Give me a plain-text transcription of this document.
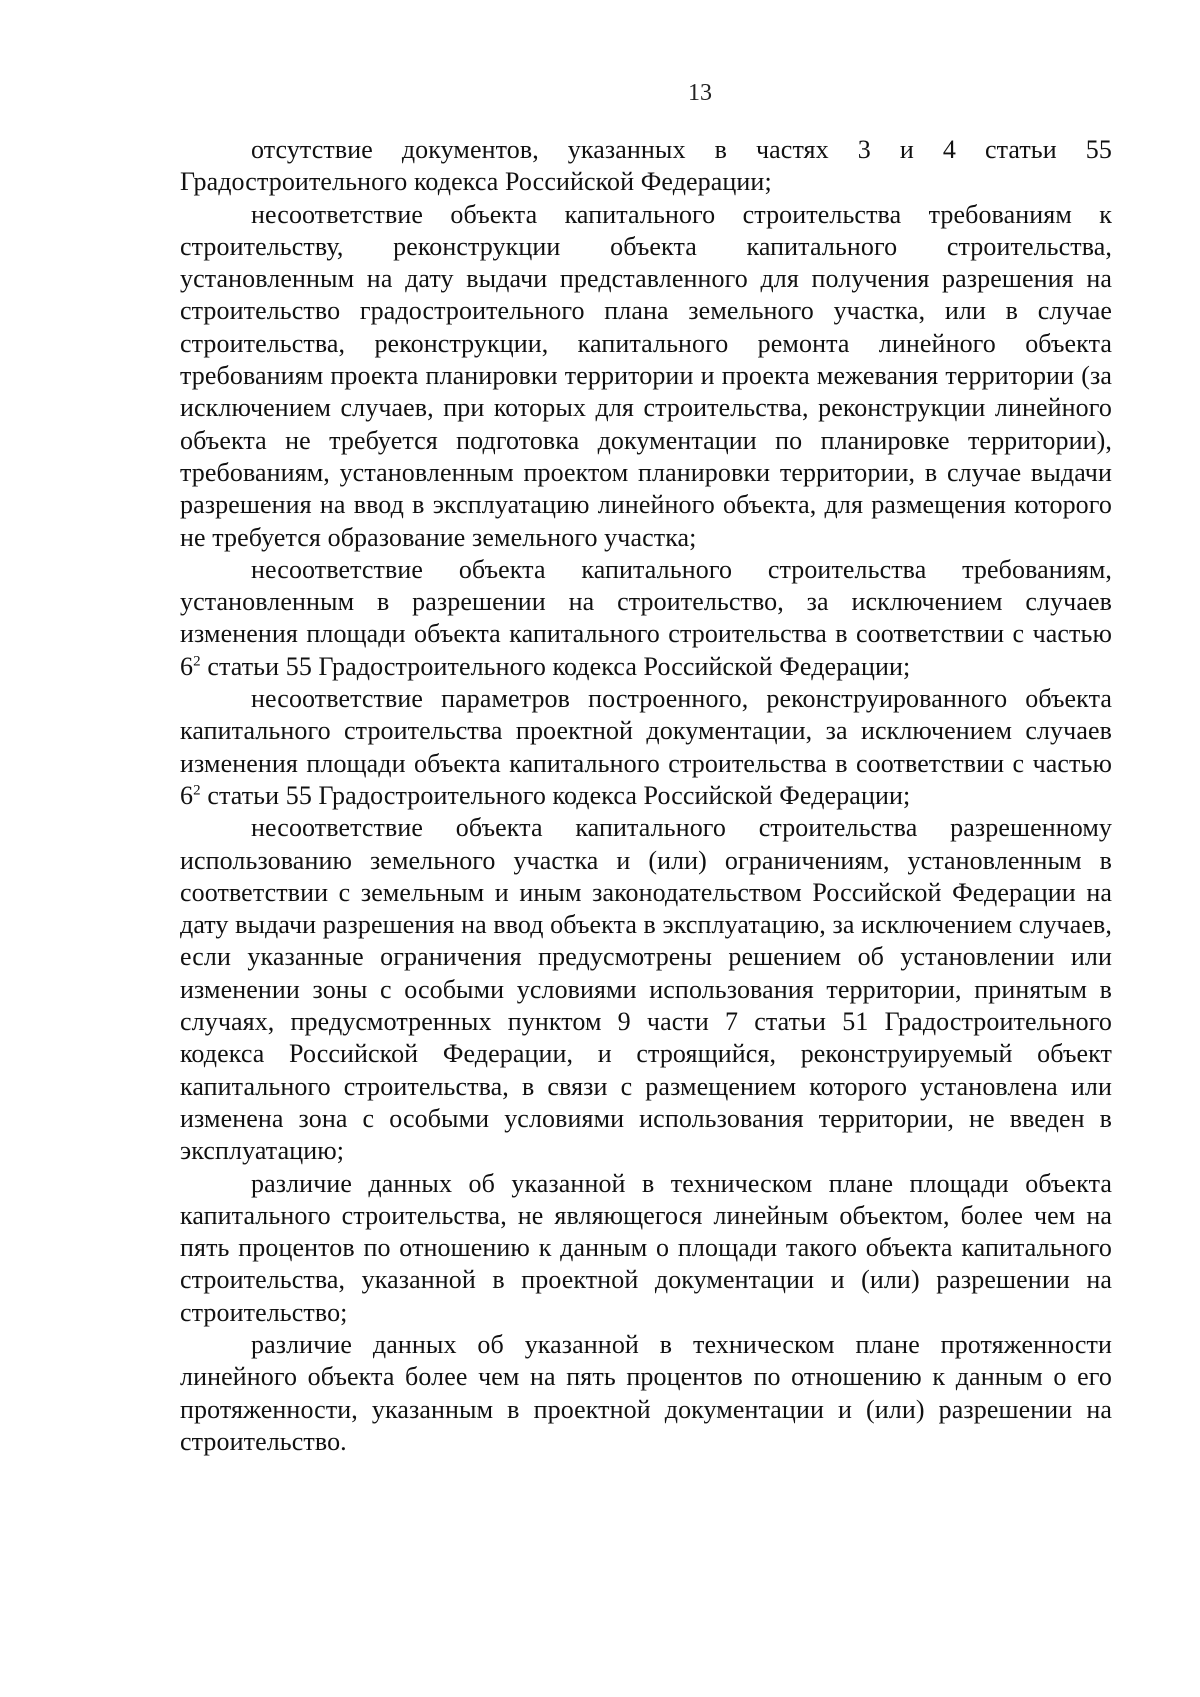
13

отсутствие документов, указанных в частях 3 и 4 статьи 55 Градостроительного кодекса Российской Федерации;

несоответствие объекта капитального строительства требованиям к строительству, реконструкции объекта капитального строительства, установленным на дату выдачи представленного для получения разрешения на строительство градостроительного плана земельного участка, или в случае строительства, реконструкции, капитального ремонта линейного объекта требованиям проекта планировки территории и проекта межевания территории (за исключением случаев, при которых для строительства, реконструкции линейного объекта не требуется подготовка документации по планировке территории), требованиям, установленным проектом планировки территории, в случае выдачи разрешения на ввод в эксплуатацию линейного объекта, для размещения которого не требуется образование земельного участка;

несоответствие объекта капитального строительства требованиям, установленным в разрешении на строительство, за исключением случаев изменения площади объекта капитального строительства в соответствии с частью $6^2$ статьи 55 Градостроительного кодекса Российской Федерации;

несоответствие параметров построенного, реконструированного объекта капитального строительства проектной документации, за исключением случаев изменения площади объекта капитального строительства в соответствии с частью $6^2$ статьи 55 Градостроительного кодекса Российской Федерации;

несоответствие объекта капитального строительства разрешенному использованию земельного участка и (или) ограничениям, установленным в соответствии с земельным и иным законодательством Российской Федерации на дату выдачи разрешения на ввод объекта в эксплуатацию, за исключением случаев, если указанные ограничения предусмотрены решением об установлении или изменении зоны с особыми условиями использования территории, принятым в случаях, предусмотренных пунктом 9 части 7 статьи 51 Градостроительного кодекса Российской Федерации, и строящийся, реконструируемый объект капитального строительства, в связи с размещением которого установлена или изменена зона с особыми условиями использования территории, не введен в эксплуатацию;

различие данных об указанной в техническом плане площади объекта капитального строительства, не являющегося линейным объектом, более чем на пять процентов по отношению к данным о площади такого объекта капитального строительства, указанной в проектной документации и (или) разрешении на строительство;

различие данных об указанной в техническом плане протяженности линейного объекта более чем на пять процентов по отношению к данным о его протяженности, указанным в проектной документации и (или) разрешении на строительство.
